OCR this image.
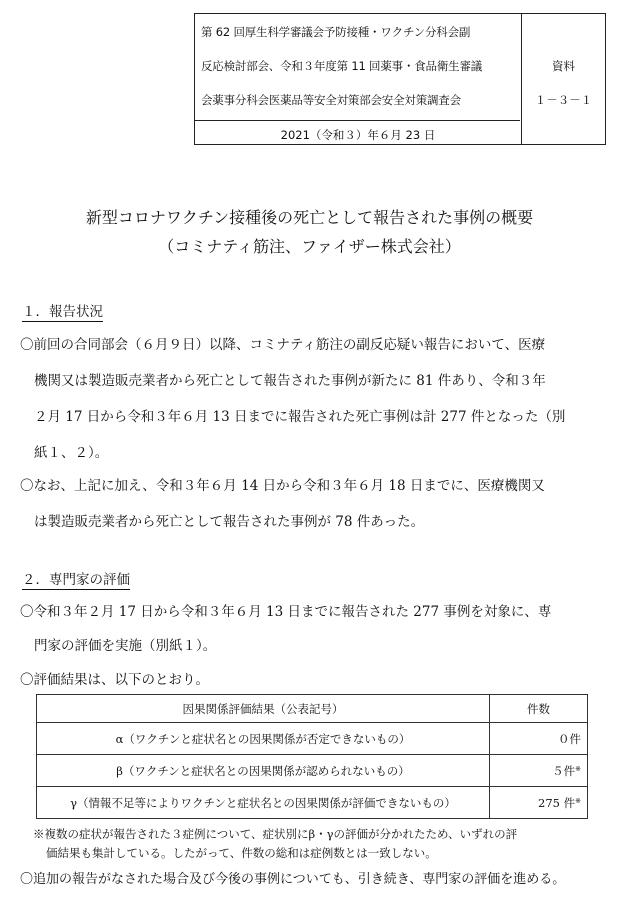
第 62 回厚生科学審議会予防接種・ワクチン分科会副
反応検討部会、令和３年度第 11 回薬事・食品衛生審議
会薬事分科会医薬品等安全対策部会安全対策調査会
2021（令和３）年６月 23 日
資料
１－３－１
新型コロナワクチン接種後の死亡として報告された事例の概要
（コミナティ筋注、ファイザー株式会社）
１．報告状況
〇前回の合同部会（６月９日）以降、コミナティ筋注の副反応疑い報告において、医療
機関又は製造販売業者から死亡として報告された事例が新たに 81 件あり、令和３年
２月 17 日から令和３年６月 13 日までに報告された死亡事例は計 277 件となった（別
紙１、２）。
〇なお、上記に加え、令和３年６月 14 日から令和３年６月 18 日までに、医療機関又
は製造販売業者から死亡として報告された事例が 78 件あった。
２．専門家の評価
〇令和３年２月 17 日から令和３年６月 13 日までに報告された 277 事例を対象に、専
門家の評価を実施（別紙１）。
〇評価結果は、以下のとおり。
因果関係評価結果（公表記号）	件数
α（ワクチンと症状名との因果関係が否定できないもの）	０件
β（ワクチンと症状名との因果関係が認められないもの）	５件※
γ（情報不足等によりワクチンと症状名との因果関係が評価できないもの）	275 件※
※複数の症状が報告された３症例について、症状別にβ・γの評価が分かれたため、いずれの評
価結果も集計している。したがって、件数の総和は症例数とは一致しない。
〇追加の報告がなされた場合及び今後の事例についても、引き続き、専門家の評価を進める。
